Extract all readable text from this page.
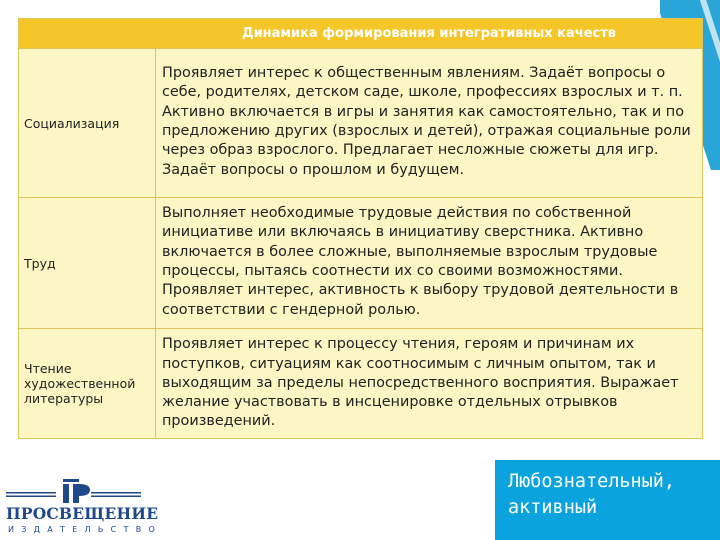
	Динамика формирования интегративных качеств
Социализация	Проявляет интерес к общественным явлениям. Задаёт вопросы о себе, родителях, детском саде, школе, профессиях взрослых и т. п. Активно включается в игры и занятия как самостоятельно, так и по предложению других (взрослых и детей), отражая социальные роли через образ взрослого. Предлагает несложные сюжеты для игр. Задаёт вопросы о прошлом и будущем.
Труд	Выполняет необходимые трудовые действия по собственной инициативе или включаясь в инициативу сверстника. Активно включается в более сложные, выполняемые взрослым трудовые процессы, пытаясь соотнести их со своими возможностями. Проявляет интерес, активность к выбору трудовой деятельности в соответствии с гендерной ролью.
Чтение художественной литературы	Проявляет интерес к процессу чтения, героям и причинам их поступков, ситуациям как соотносимым с личным опытом, так и выходящим за пределы непосредственного восприятия. Выражает желание участвовать в инсценировке отдельных отрывков произведений.
ПРОСВЕЩЕНИЕ
ИЗДАТЕЛЬСТВО
Любознательный,
активный
